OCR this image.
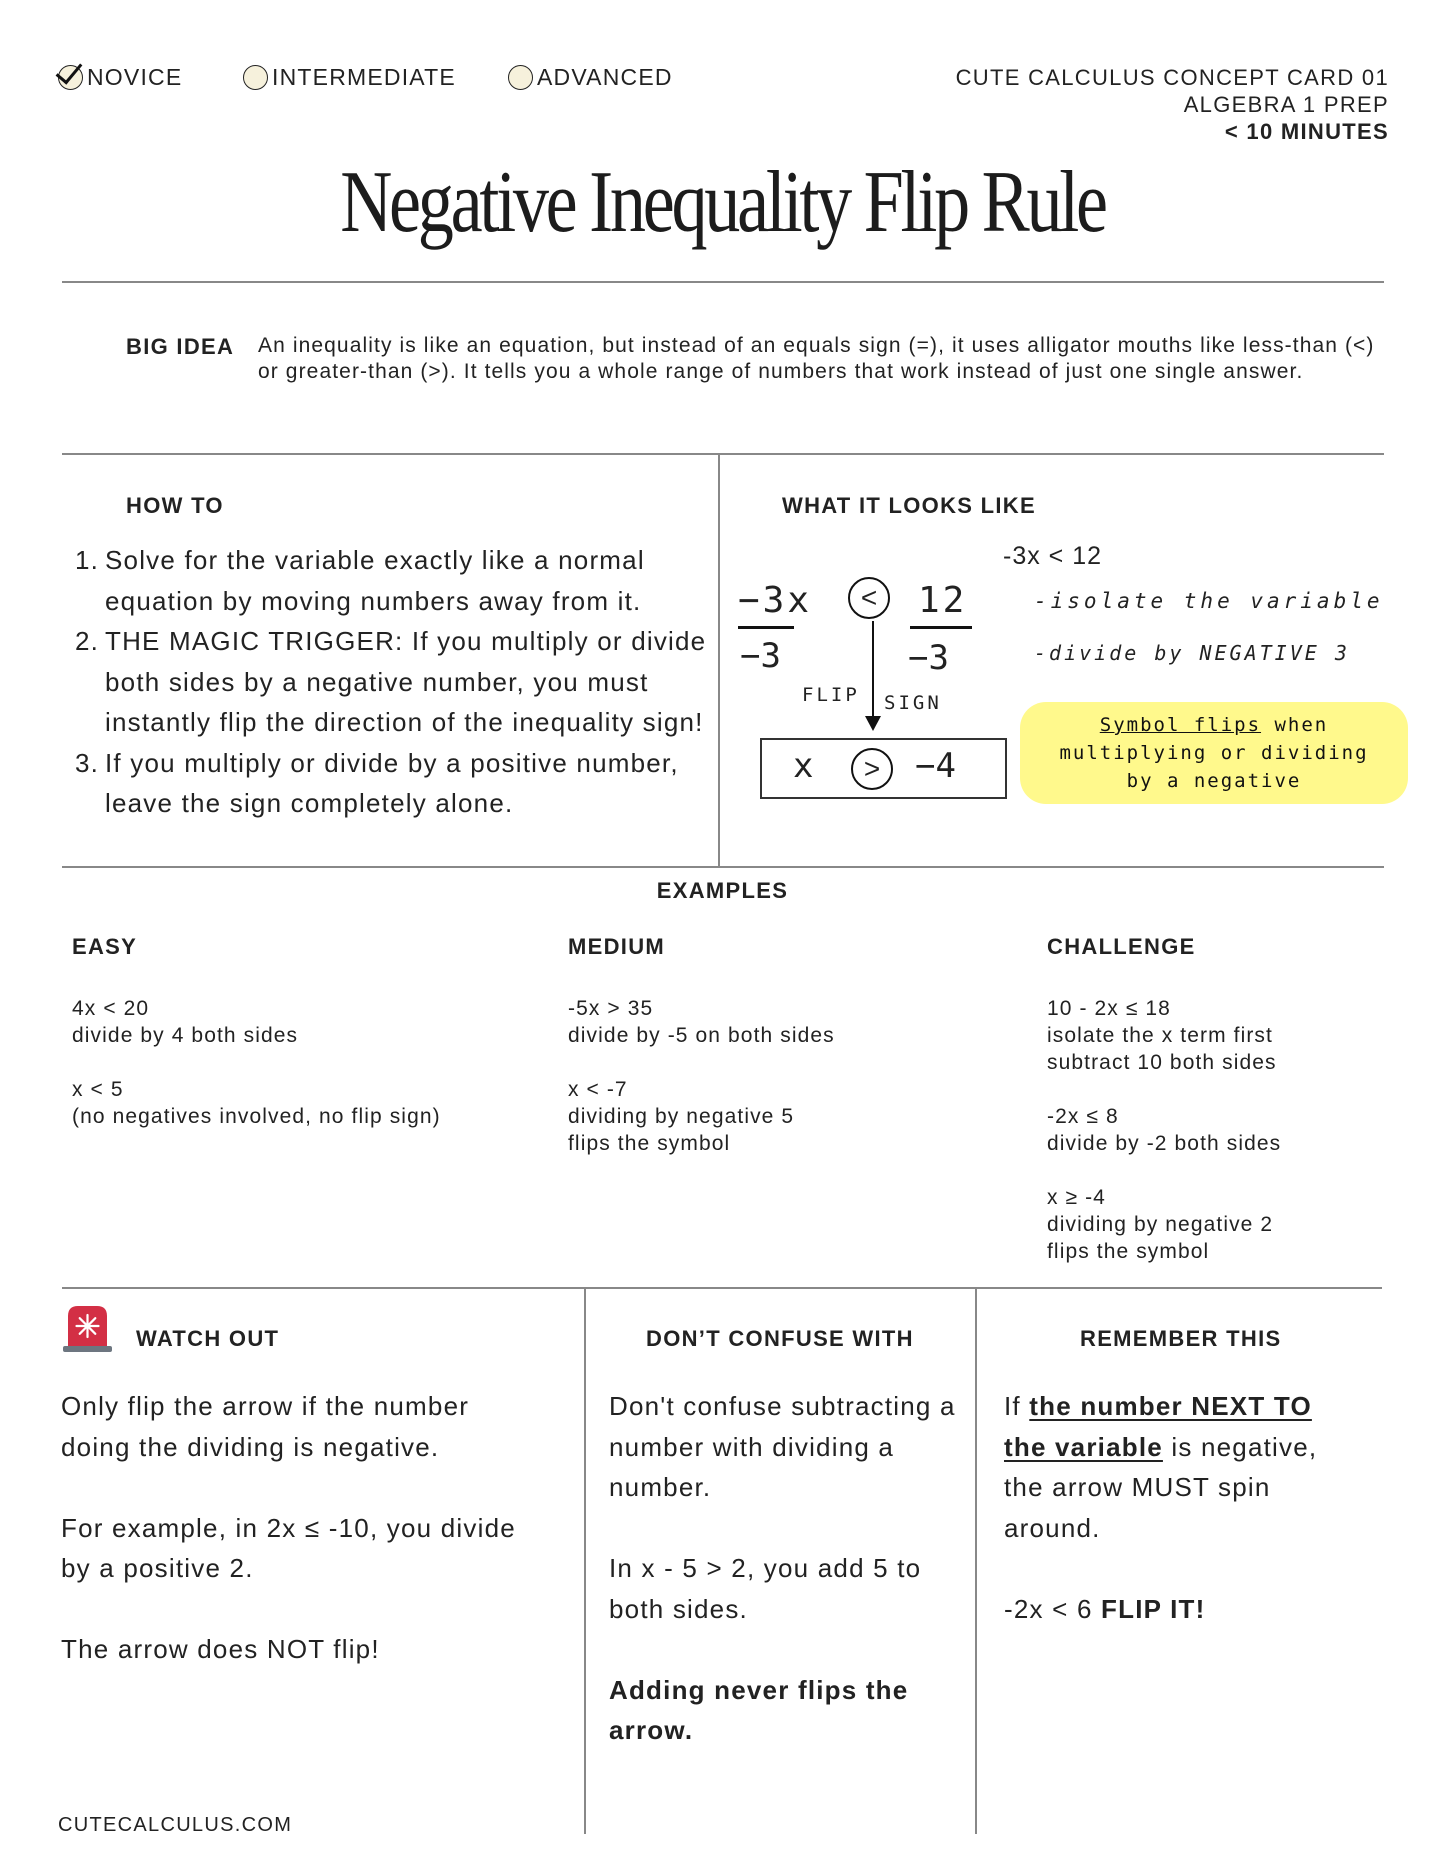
NOVICE	INTERMEDIATE	ADVANCED	CUTE CALCULUS CONCEPT CARD 01
ALGEBRA 1 PREP
< 10 MINUTES
Negative Inequality Flip Rule
BIG IDEA An inequality is like an equation, but instead of an equals sign (=), it uses alligator mouths like less-than (<) or greater-than (>). It tells you a whole range of numbers that work instead of just one single answer.
HOW TO
1. Solve for the variable exactly like a normal equation by moving numbers away from it.
2. THE MAGIC TRIGGER: If you multiply or divide both sides by a negative number, you must instantly flip the direction of the inequality sign!
3. If you multiply or divide by a positive number, leave the sign completely alone.
WHAT IT LOOKS LIKE
-3x < 12
−3x	<	12
−3	−3
FLIP SIGN
x	>	−4
-isolate the variable
-divide by NEGATIVE 3
Symbol flips when
multiplying or dividing
by a negative
EXAMPLES
EASY

4x < 20

divide by 4 both sides

x < 5

(no negatives involved, no flip sign)

MEDIUM

-5x > 35

divide by -5 on both sides

x < -7

dividing by negative 5

flips the symbol

CHALLENGE

10 - 2x ≤ 18

isolate the x term first

subtract 10 both sides

-2x ≤ 8

divide by -2 both sides

x ≥ -4

dividing by negative 2

flips the symbol

WATCH OUT

Only flip the arrow if the number doing the dividing is negative.

For example, in 2x ≤ -10, you divide by a positive 2.

The arrow does NOT flip!

DON’T CONFUSE WITH

Don't confuse subtracting a number with dividing a number.

In x - 5 > 2, you add 5 to both sides.

Adding never flips the arrow.

REMEMBER THIS

If the number NEXT TO the variable is negative, the arrow MUST spin around.

-2x < 6 FLIP IT!

CUTECALCULUS.COM
